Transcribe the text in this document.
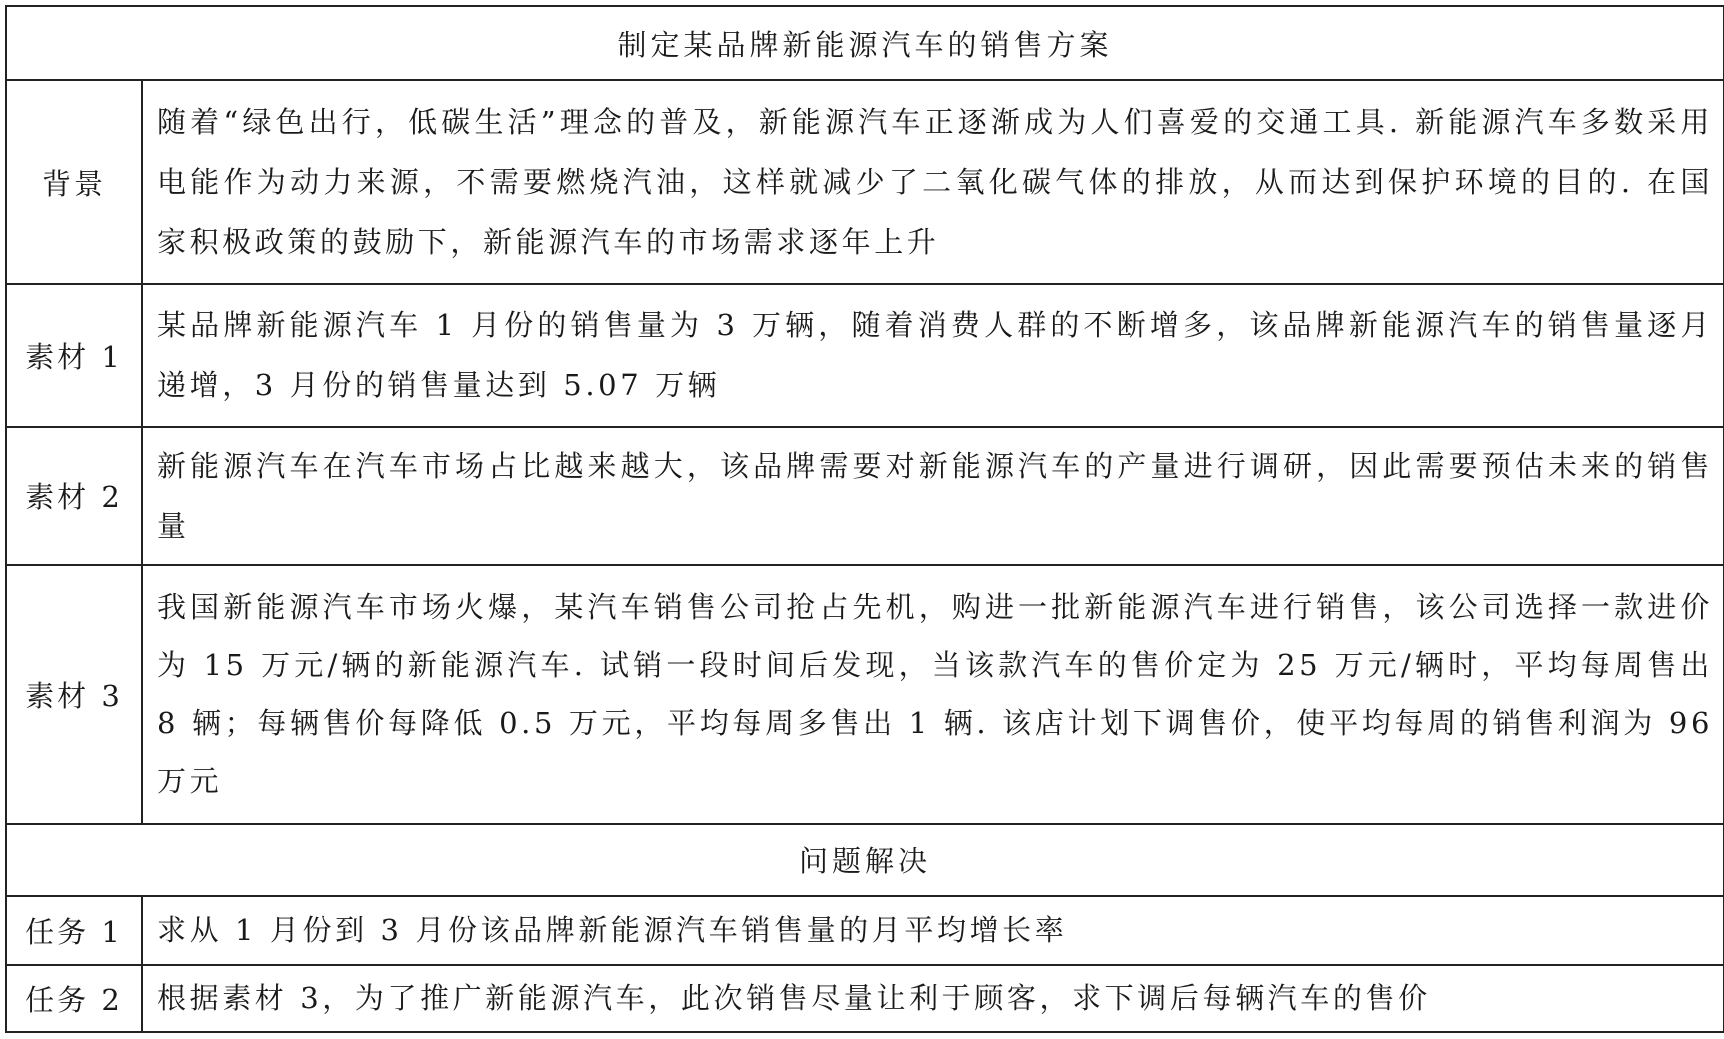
制定某品牌新能源汽车的销售方案	
背景	随着“绿色出行，低碳生活”理念的普及，新能源汽车正逐渐成为人们喜爱的交通工具. 新能源汽车多数采用电能作为动力来源，不需要燃烧汽油，这样就减少了二氧化碳气体的排放，从而达到保护环境的目的. 在国家积极政策的鼓励下，新能源汽车的市场需求逐年上升
素材 1	某品牌新能源汽车 1 月份的销售量为 3 万辆，随着消费人群的不断增多，该品牌新能源汽车的销售量逐月递增，3 月份的销售量达到 5.07 万辆
素材 2	新能源汽车在汽车市场占比越来越大，该品牌需要对新能源汽车的产量进行调研，因此需要预估未来的销售量
素材 3	我国新能源汽车市场火爆，某汽车销售公司抢占先机，购进一批新能源汽车进行销售，该公司选择一款进价为 15 万元/辆的新能源汽车. 试销一段时间后发现，当该款汽车的售价定为 25 万元/辆时，平均每周售出 8 辆；每辆售价每降低 0.5 万元，平均每周多售出 1 辆. 该店计划下调售价，使平均每周的销售利润为 96 万元
问题解决	
任务 1	求从 1 月份到 3 月份该品牌新能源汽车销售量的月平均增长率
任务 2	根据素材 3，为了推广新能源汽车，此次销售尽量让利于顾客，求下调后每辆汽车的售价
